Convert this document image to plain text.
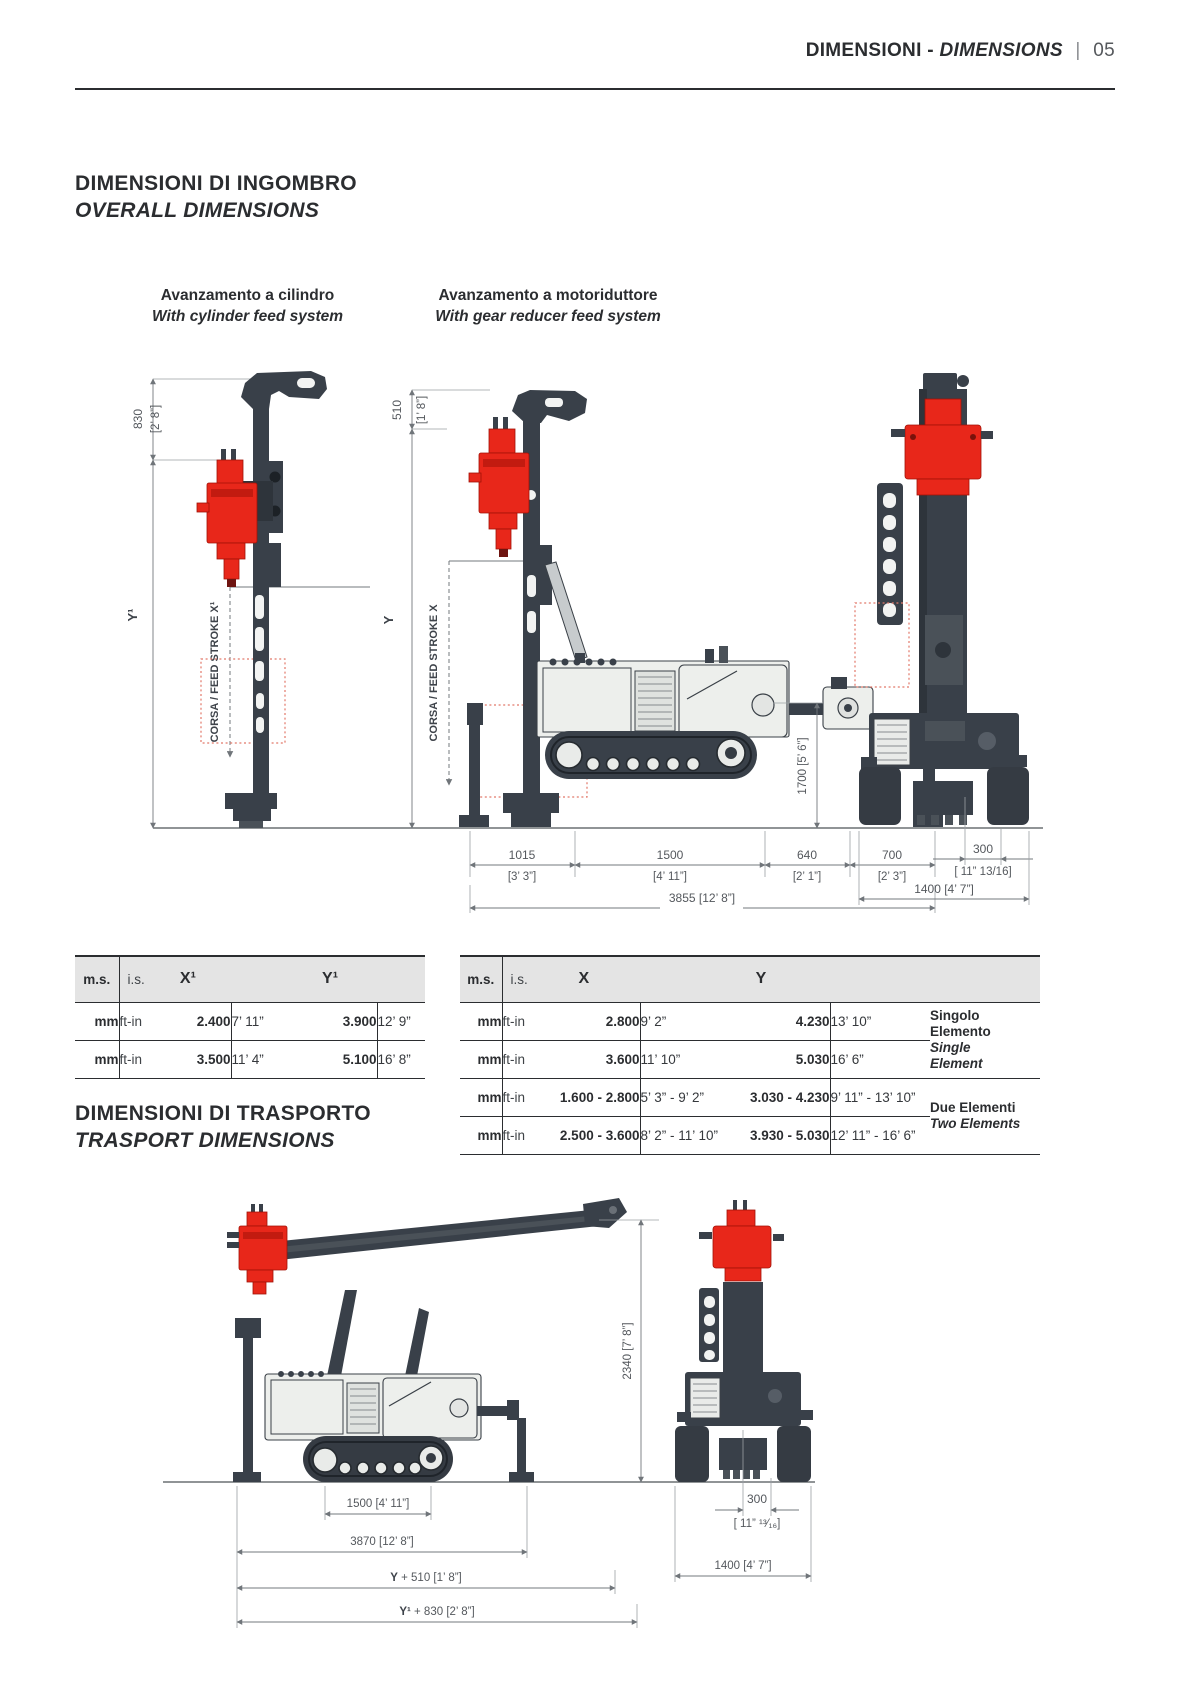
DIMENSIONI - DIMENSIONS | 05
DIMENSIONI DI INGOMBRO
OVERALL DIMENSIONS
Avanzamento a cilindro
With cylinder feed system
Avanzamento a motoriduttore
With gear reducer feed system
830 [2’ 8”]
Y¹	CORSA / FEED STROKE X¹
510 [1’ 8”]
Y	CORSA / FEED STROKE X
1700 [5’ 6”]
1015
[3’ 3”]
1500
[4’ 11”]
640
[2’ 1”]
700
[2’ 3”]
3855 [12’ 8”]
300
[ 11” 13/16]
1400 [4’ 7”]
m.s.	i.s. X¹		Y¹		

mm	ft-in	2.400	7’ 11”	3.900	12’ 9”
mm	ft-in	3.500	11’ 4”	5.100	16’ 8”
m.s.	i.s. X		Y			

mm	ft-in	2.800	9’ 2”	4.230	13’ 10”	Singolo
Elemento
Single
Element

mm	ft-in	3.600	11’ 10”	5.030	16’ 6”	
mm	ft-in	1.600 - 2.800	5’ 3” - 9’ 2”	3.030 - 4.230	9’ 11” - 13’ 10”	Due Elementi
Two Elements

mm	ft-in	2.500 - 3.600	8’ 2” - 11’ 10”	3.930 - 5.030	12’ 11” - 16’ 6”	
DIMENSIONI DI TRASPORTO
TRASPORT DIMENSIONS
2340 [7’ 8”]
1500 [4’ 11”]
3870 [12’ 8”]
Y + 510 [1’ 8”]
Y¹ + 830 [2’ 8”]
300
[ 11” ¹³⁄₁₆]
1400 [4’ 7”]
